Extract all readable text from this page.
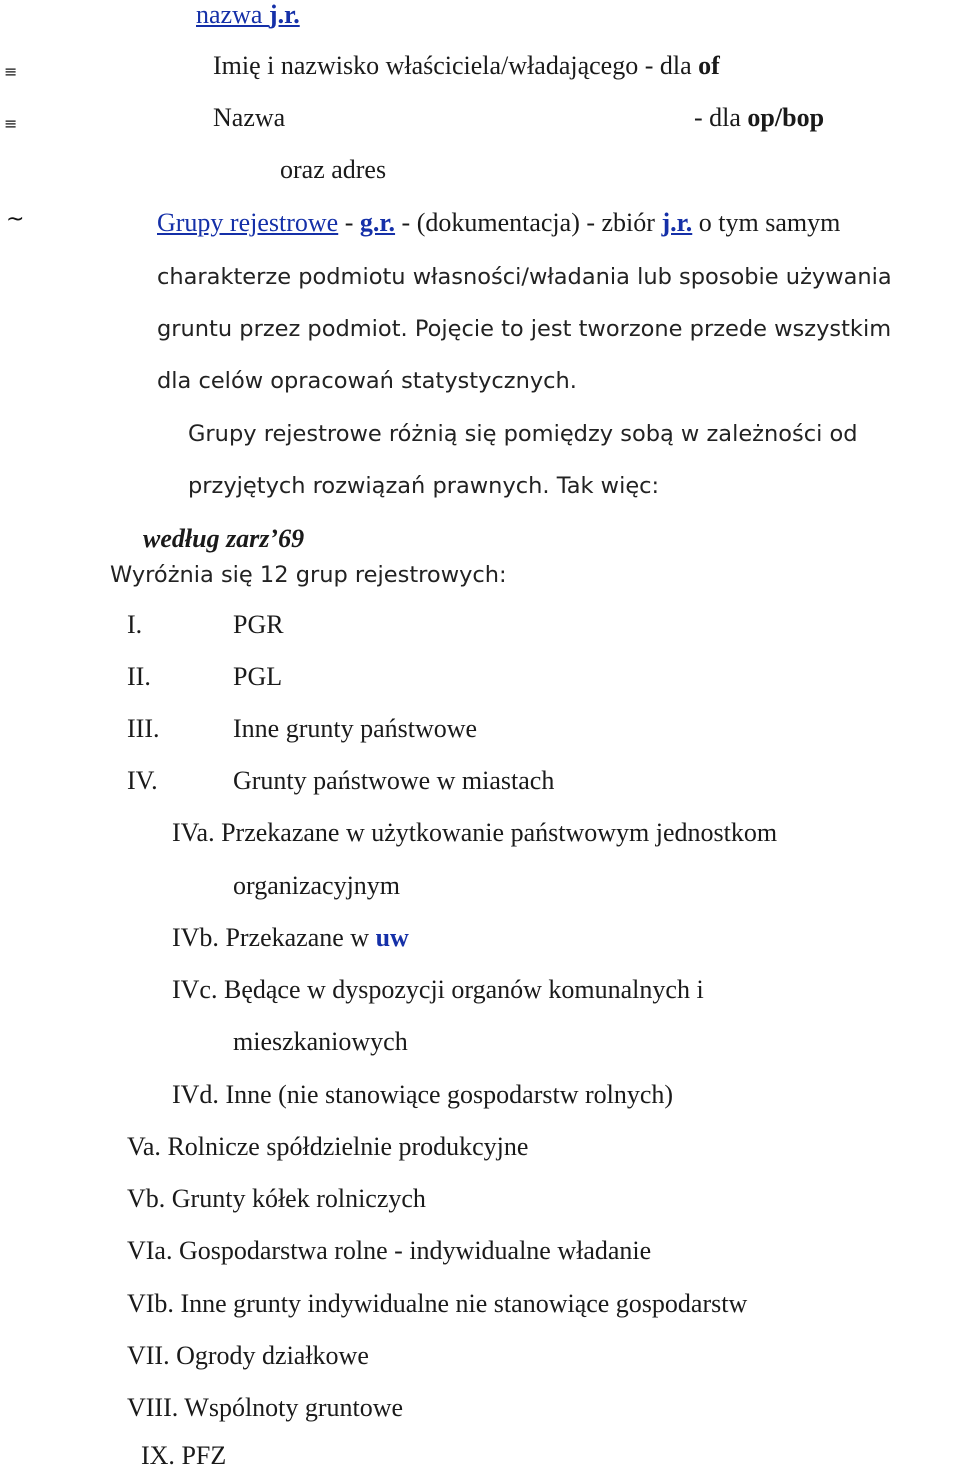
nazwa j.r.
≡	Imię i nazwisko właściciela/władającego - dla of
≡	Nazwa	- dla op/bop
oraz adres
~	Grupy rejestrowe - g.r. - (dokumentacja) - zbiór j.r. o tym samym
charakterze podmiotu własności/władania lub sposobie używania
gruntu przez podmiot. Pojęcie to jest tworzone przede wszystkim
dla celów opracowań statystycznych.
Grupy rejestrowe różnią się pomiędzy sobą w zależności od
przyjętych rozwiązań prawnych. Tak więc:
według zarz’69
Wyróżnia się 12 grup rejestrowych:
I.	PGR
II.	PGL
III.	Inne grunty państwowe
IV.	Grunty państwowe w miastach
IVa. Przekazane w użytkowanie państwowym jednostkom
organizacyjnym
IVb. Przekazane w uw
IVc. Będące w dyspozycji organów komunalnych i
mieszkaniowych
IVd. Inne (nie stanowiące gospodarstw rolnych)
Va. Rolnicze spółdzielnie produkcyjne
Vb. Grunty kółek rolniczych
VIa. Gospodarstwa rolne - indywidualne władanie
VIb. Inne grunty indywidualne nie stanowiące gospodarstw
VII. Ogrody działkowe
VIII. Wspólnoty gruntowe
IX. PFZ
